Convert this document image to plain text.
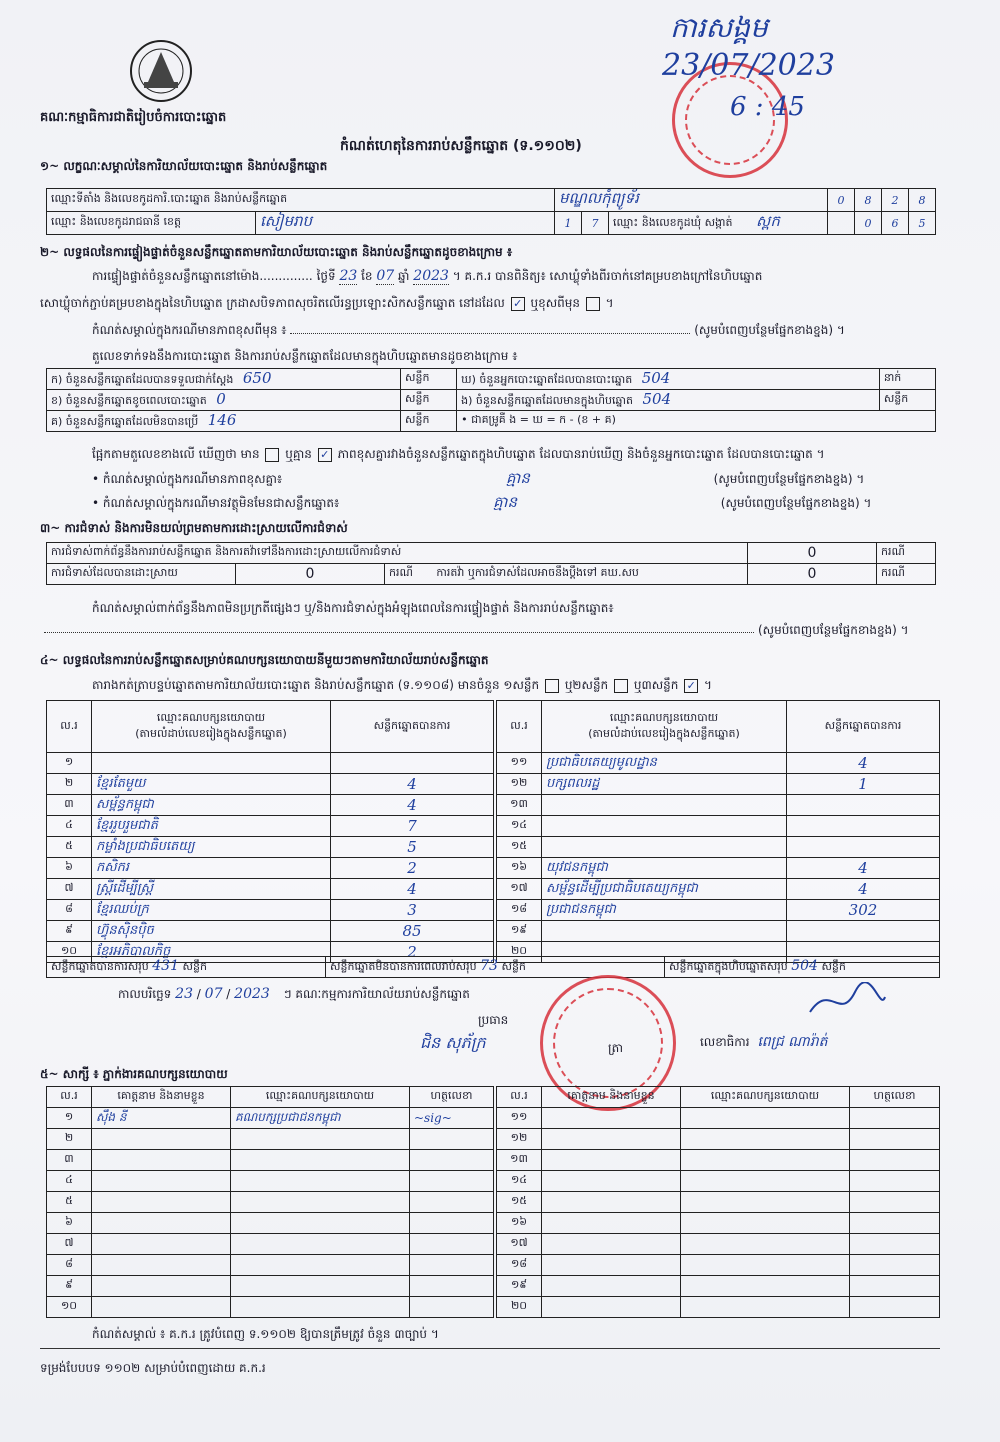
គណៈកម្មាធិការជាតិរៀបចំការបោះឆ្នោត
ការសង្គម
23/07/2023
6 : 45
កំណត់ហេតុនៃការរាប់សន្លឹកឆ្នោត (ទ.១១០២)
១~ លក្ខណៈសម្គាល់នៃការិយាល័យបោះឆ្នោត និងរាប់សន្លឹកឆ្នោត
ឈ្មោះទីតាំង និងលេខកូដការិ.បោះឆ្នោត និងរាប់សន្លឹកឆ្នោត		មណ្ឌលកុំព្យូទ័រ			0	8	2	8
ឈ្មោះ និងលេខកូដរាជធានី ខេត្ត	សៀមរាប	1	7	ឈ្មោះ និងលេខកូដឃុំ សង្កាត់ ស្ពក		0	6	5
២~ លទ្ធផលនៃការផ្ទៀងផ្ទាត់ចំនួនសន្លឹកឆ្នោតតាមការិយាល័យបោះឆ្នោត និងរាប់សន្លឹកឆ្នោតដូចខាងក្រោម ៖
ការផ្ទៀងផ្ទាត់ចំនួនសន្លឹកឆ្នោតនៅម៉ោង.............. ថ្ងៃទី 23 ខែ 07 ឆ្នាំ 2023 ។ គ.ក.រ បានពិនិត្យ៖ សោឃ្លុំទាំងពីរចាក់នៅគម្របខាងក្រៅនៃហិបឆ្នោត
សោឃ្លុំចាក់ភ្ជាប់គម្របខាងក្នុងនៃហិបឆ្នោត ក្រដាសបិទភាពសុចរិតលើរន្ធប្រឡោះសិកសន្លឹកឆ្នោត នៅដដែល ✓ ឬខុសពីមុន  ។
កំណត់សម្គាល់ក្នុងករណីមានភាពខុសពីមុន ៖	(សូមបំពេញបន្ថែមផ្នែកខាងខ្នង) ។
តួលេខទាក់ទងនឹងការបោះឆ្នោត និងការរាប់សន្លឹកឆ្នោតដែលមានក្នុងហិបឆ្នោតមានដូចខាងក្រោម ៖
ក) ចំនួនសន្លឹកឆ្នោតដែលបានទទួលជាក់ស្តែង 650	សន្លឹក	ឃ) ចំនួនអ្នកបោះឆ្នោតដែលបានបោះឆ្នោត 504	នាក់
ខ) ចំនួនសន្លឹកឆ្នោតខូចពេលបោះឆ្នោត 0	សន្លឹក	ង) ចំនួនសន្លឹកឆ្នោតដែលមានក្នុងហិបឆ្នោត 504	សន្លឹក
គ) ចំនួនសន្លឹកឆ្នោតដែលមិនបានប្រើ 146	សន្លឹក	• ជាគម្រូគឺ ង = ឃ = ក - (ខ + គ)	
ផ្អែកតាមតួលេខខាងលើ ឃើញថា មាន ឬគ្មាន ✓ ភាពខុសគ្នារវាងចំនួនសន្លឹកឆ្នោតក្នុងហិបឆ្នោត ដែលបានរាប់ឃើញ និងចំនួនអ្នកបោះឆ្នោត ដែលបានបោះឆ្នោត ។
• កំណត់សម្គាល់ក្នុងករណីមានភាពខុសគ្នា៖	គ្មាន	(សូមបំពេញបន្ថែមផ្នែកខាងខ្នង) ។
• កំណត់សម្គាល់ក្នុងករណីមានវត្ថុមិនមែនជាសន្លឹកឆ្នោត៖	គ្មាន	(សូមបំពេញបន្ថែមផ្នែកខាងខ្នង) ។
៣~ ការជំទាស់ និងការមិនយល់ព្រមតាមការដោះស្រាយលើការជំទាស់
ការជំទាស់ពាក់ព័ន្ធនឹងការរាប់សន្លឹកឆ្នោត និងការតវ៉ាទៅនឹងការដោះស្រាយលើការជំទាស់			0	ករណី
ការជំទាស់ដែលបានដោះស្រាយ	0	ករណី ការតវ៉ា ឬការជំទាស់ដែលអាចនឹងប្តឹងទៅ គឃ.សប	0	ករណី
កំណត់សម្គាល់ពាក់ព័ន្ធនឹងភាពមិនប្រក្រតីផ្សេងៗ ឬ/និងការជំទាស់ក្នុងអំឡុងពេលនៃការផ្ទៀងផ្ទាត់ និងការរាប់សន្លឹកឆ្នោត៖
(សូមបំពេញបន្ថែមផ្នែកខាងខ្នង) ។
៤~ លទ្ធផលនៃការរាប់សន្លឹកឆ្នោតសម្រាប់គណបក្សនយោបាយនីមួយៗតាមការិយាល័យរាប់សន្លឹកឆ្នោត
តារាងកត់ត្រាបន្ទប់ឆ្នោតតាមការិយាល័យបោះឆ្នោត និងរាប់សន្លឹកឆ្នោត (ទ.១១០៨) មានចំនួន ១សន្លឹក ឬ២សន្លឹក ឬ៣សន្លឹក ✓ ។
ល.រ	ឈ្មោះគណបក្សនយោបាយ
(តាមលំដាប់លេខរៀងក្នុងសន្លឹកឆ្នោត)	សន្លឹកឆ្នោតបានការ
១		
២	ខ្មែរតែមួយ	4
៣	សម្ព័ន្ធកម្ពុជា	4
៤	ខ្មែររួបរួមជាតិ	7
៥	កម្លាំងប្រជាធិបតេយ្យ	5
៦	កសិករ	2
៧	ស្ត្រីដើម្បីស្ត្រី	4
៨	ខ្មែរឈប់ក្រ	3
៩	ហ៊្វុនស៊ិនប៉ិច	85
១០	ខ្មែរអភិបាលកិច្ច	2
ល.រ	ឈ្មោះគណបក្សនយោបាយ
(តាមលំដាប់លេខរៀងក្នុងសន្លឹកឆ្នោត)	សន្លឹកឆ្នោតបានការ
១១	ប្រជាធិបតេយ្យមូលដ្ឋាន	4
១២	បក្សពលរដ្ឋ	1
១៣		
១៤		
១៥		
១៦	យុវជនកម្ពុជា	4
១៧	សម្ព័ន្ធដើម្បីប្រជាធិបតេយ្យកម្ពុជា	4
១៨	ប្រជាជនកម្ពុជា	302
១៩		
២០		
សន្លឹកឆ្នោតបានការសរុប 431 សន្លឹក	សន្លឹកឆ្នោតមិនបានការពេលរាប់សរុប 73 សន្លឹក	សន្លឹកឆ្នោតក្នុងហិបឆ្នោតសរុប 504 សន្លឹក
កាលបរិច្ឆេទ 23 / 07 / 2023 ៗ គណៈកម្មការការិយាល័យរាប់សន្លឹកឆ្នោត
ប្រធាន
ជិន សុភ័ក្រ	ត្រា	លេខាធិការ ពេជ្រ ណារ៉ាត់
៥~ សាក្សី ៖ ភ្នាក់ងារគណបក្សនយោបាយ
ល.រ	គោត្តនាម និងនាមខ្លួន	ឈ្មោះគណបក្សនយោបាយ	ហត្ថលេខា
១	ស៊ឹង នី	គណបក្សប្រជាជនកម្ពុជា	~sig~
២			
៣			
៤			
៥			
៦			
៧			
៨			
៩			
១០			
ល.រ	គោត្តនាម និងនាមខ្លួន	ឈ្មោះគណបក្សនយោបាយ	ហត្ថលេខា
១១			
១២			
១៣			
១៤			
១៥			
១៦			
១៧			
១៨			
១៩			
២០			
កំណត់សម្គាល់ ៖ គ.ក.រ ត្រូវបំពេញ ទ.១១០២ ឱ្យបានត្រឹមត្រូវ ចំនួន ៣ច្បាប់ ។
ទម្រង់បែបបទ ១១០២ សម្រាប់បំពេញដោយ គ.ក.រ
